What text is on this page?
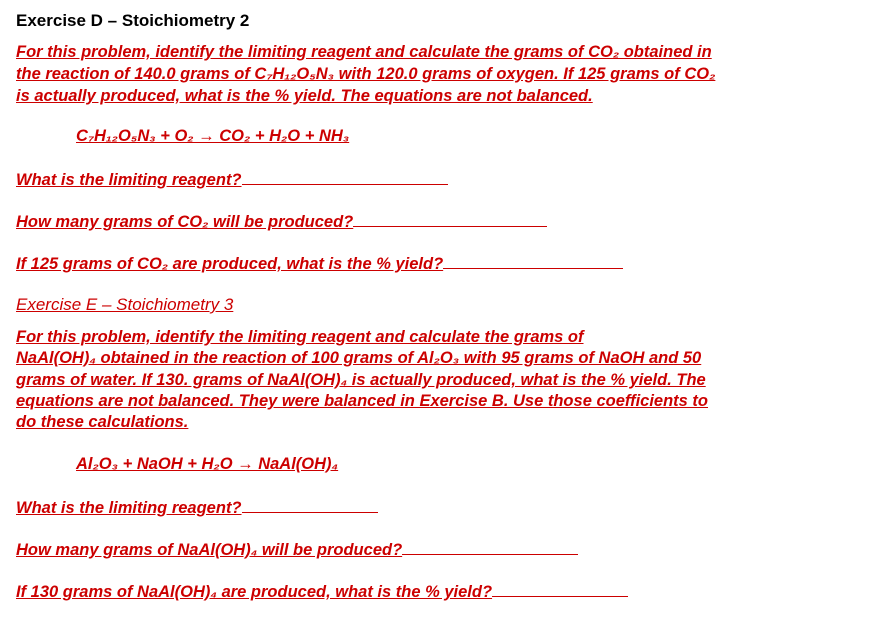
Exercise D – Stoichiometry 2
For this problem, identify the limiting reagent and calculate the grams of CO₂ obtained in
the reaction of 140.0 grams of C₇H₁₂O₅N₃ with 120.0 grams of oxygen. If 125 grams of CO₂
is actually produced, what is the % yield. The equations are not balanced.
C₇H₁₂O₅N₃ + O₂ → CO₂ + H₂O + NH₃
What is the limiting reagent?
How many grams of CO₂ will be produced?
If 125 grams of CO₂ are produced, what is the % yield?
Exercise E – Stoichiometry 3
For this problem, identify the limiting reagent and calculate the grams of
NaAl(OH)₄ obtained in the reaction of 100 grams of Al₂O₃ with 95 grams of NaOH and 50
grams of water. If 130. grams of NaAl(OH)₄ is actually produced, what is the % yield. The
equations are not balanced. They were balanced in Exercise B. Use those coefficients to
do these calculations.
Al₂O₃ + NaOH + H₂O → NaAl(OH)₄
What is the limiting reagent?
How many grams of NaAl(OH)₄ will be produced?
If 130 grams of NaAl(OH)₄ are produced, what is the % yield?
